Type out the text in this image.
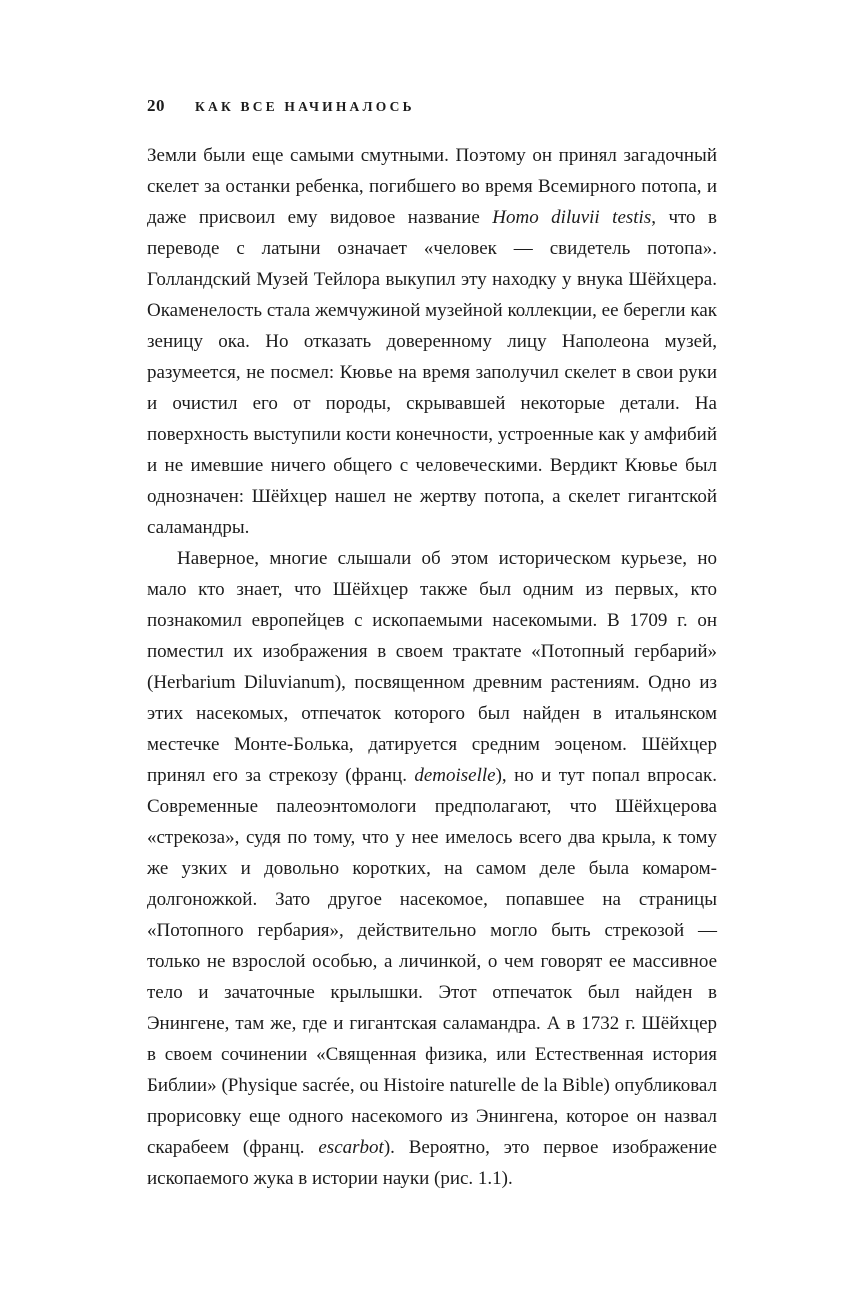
20 КАК ВСЕ НАЧИНАЛОСЬ

Земли были еще самыми смутными. Поэтому он принял загадочный скелет за останки ребенка, погибшего во время Всемирного потопа, и даже присвоил ему видовое название Homo diluvii testis, что в переводе с латыни означает «человек — свидетель потопа». Голландский Музей Тейлора выкупил эту находку у внука Шёйхцера. Окаменелость стала жемчужиной музейной коллекции, ее берегли как зеницу ока. Но отказать доверенному лицу Наполеона музей, разумеется, не посмел: Кювье на время заполучил скелет в свои руки и очистил его от породы, скрывавшей некоторые детали. На поверхность выступили кости конечности, устроенные как у амфибий и не имевшие ничего общего с человеческими. Вердикт Кювье был однозначен: Шёйхцер нашел не жертву потопа, а скелет гигантской саламандры.

Наверное, многие слышали об этом историческом курьезе, но мало кто знает, что Шёйхцер также был одним из первых, кто познакомил европейцев с ископаемыми насекомыми. В 1709 г. он поместил их изображения в своем трактате «Потопный гербарий» (Herbarium Diluvianum), посвященном древним растениям. Одно из этих насекомых, отпечаток которого был найден в итальянском местечке Монте-Болька, датируется средним эоценом. Шёйхцер принял его за стрекозу (франц. demoiselle), но и тут попал впросак. Современные палеоэнтомологи предполагают, что Шёйхцерова «стрекоза», судя по тому, что у нее имелось всего два крыла, к тому же узких и довольно коротких, на самом деле была комаром-долгоножкой. Зато другое насекомое, попавшее на страницы «Потопного гербария», действительно могло быть стрекозой — только не взрослой особью, а личинкой, о чем говорят ее массивное тело и зачаточные крылышки. Этот отпечаток был найден в Энингене, там же, где и гигантская саламандра. А в 1732 г. Шёйхцер в своем сочинении «Священная физика, или Естественная история Библии» (Physique sacrée, ou Histoire naturelle de la Bible) опубликовал прорисовку еще одного насекомого из Энингена, которое он назвал скарабеем (франц. escarbot). Вероятно, это первое изображение ископаемого жука в истории науки (рис. 1.1).
